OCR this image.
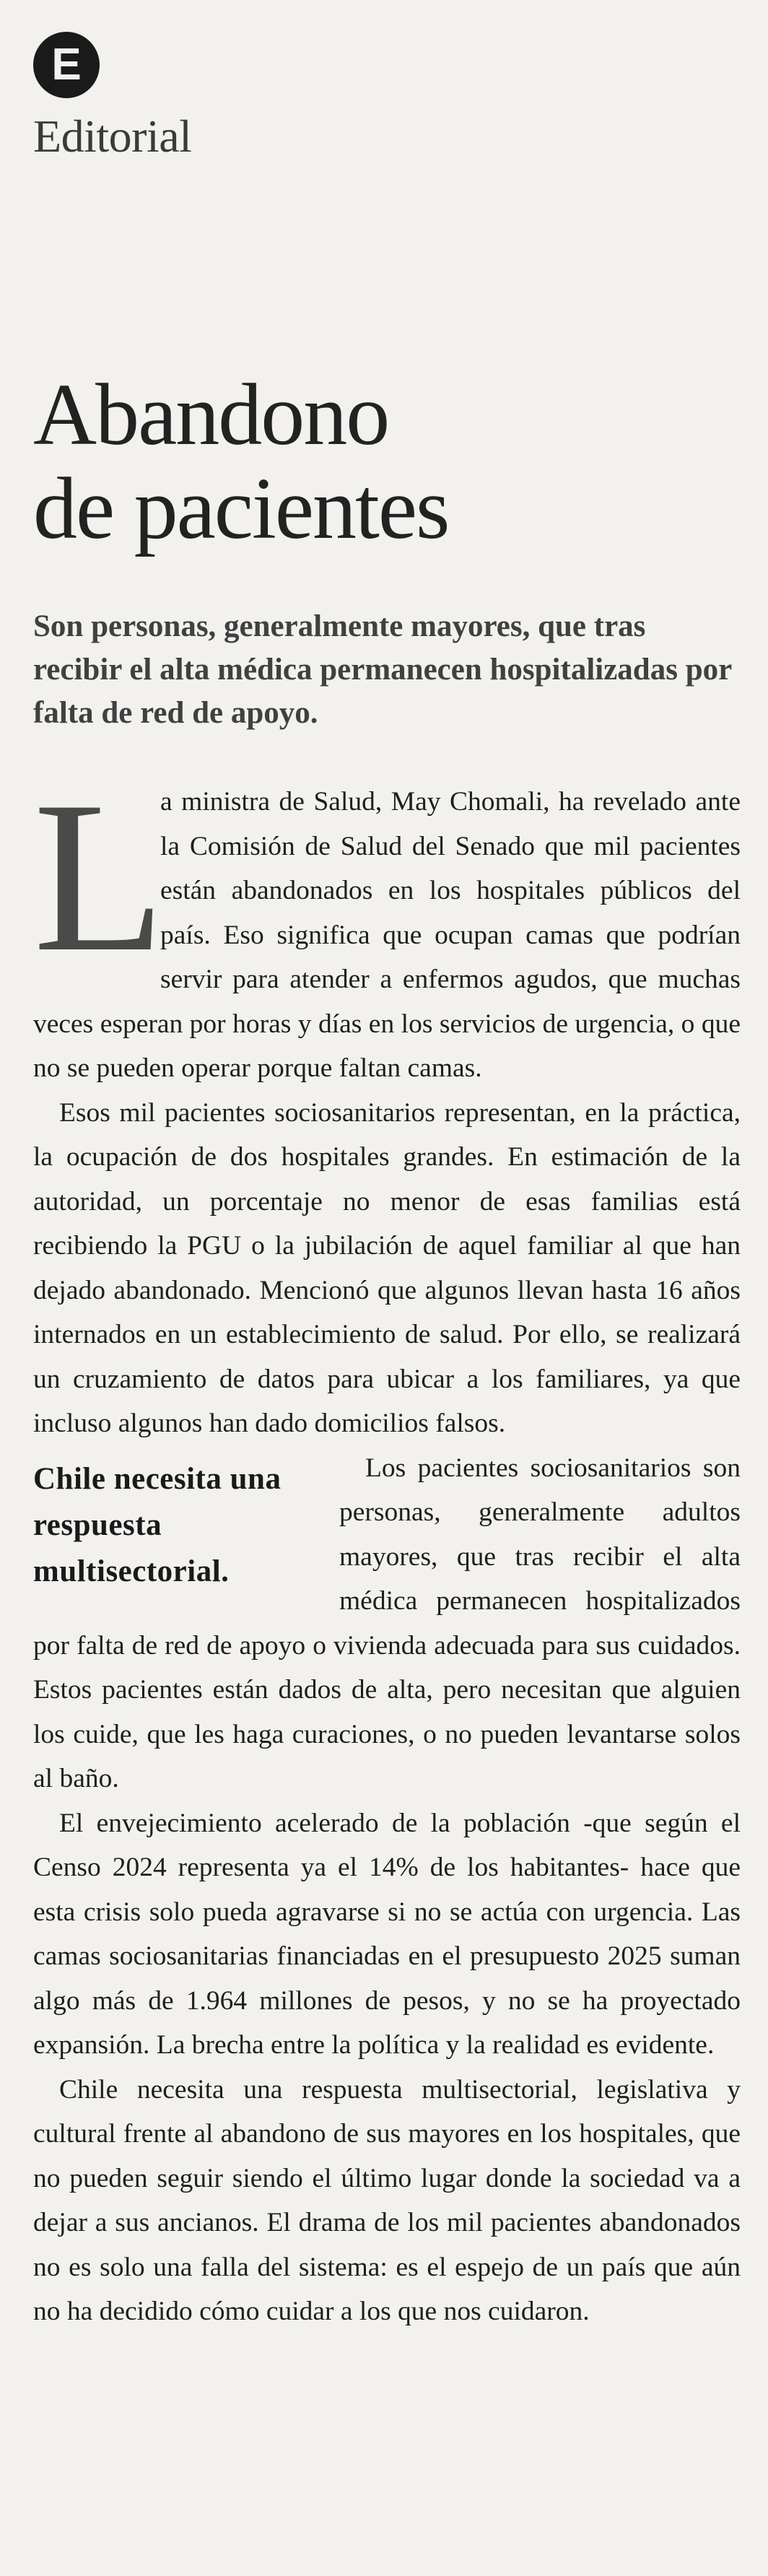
E
Editorial
Abandono
de pacientes
Son personas, generalmente mayores, que tras recibir el alta médica permanecen hospitalizadas por falta de red de apoyo.

L
a ministra de Salud, May Chomali, ha revelado ante la Comisión de Salud del Senado que mil pacientes están abandonados en los hospitales públicos del país. Eso significa que ocupan camas que podrían servir para atender a enfermos agudos, que muchas veces esperan por horas y días en los servicios de urgencia, o que no se pueden operar porque faltan camas.

Esos mil pacientes sociosanitarios representan, en la práctica, la ocupación de dos hospitales grandes. En estimación de la autoridad, un porcentaje no menor de esas familias está recibiendo la PGU o la jubilación de aquel familiar al que han dejado abandonado. Mencionó que algunos llevan hasta 16 años internados en un establecimiento de salud. Por ello, se realizará un cruzamiento de datos para ubicar a los familiares, ya que incluso algunos han dado domicilios falsos.

Chile necesita una respuesta multisectorial.
Los pacientes sociosanitarios son personas, generalmente adultos mayores, que tras recibir el alta médica permanecen hospitalizados por falta de red de apoyo o vivienda adecuada para sus cuidados. Estos pacientes están dados de alta, pero necesitan que alguien los cuide, que les haga curaciones, o no pueden levantarse solos al baño.

El envejecimiento acelerado de la población -que según el Censo 2024 representa ya el 14% de los habitantes- hace que esta crisis solo pueda agravarse si no se actúa con urgencia. Las camas sociosanitarias financiadas en el presupuesto 2025 suman algo más de 1.964 millones de pesos, y no se ha proyectado expansión. La brecha entre la política y la realidad es evidente.

Chile necesita una respuesta multisectorial, legislativa y cultural frente al abandono de sus mayores en los hospitales, que no pueden seguir siendo el último lugar donde la sociedad va a dejar a sus ancianos. El drama de los mil pacientes abandonados no es solo una falla del sistema: es el espejo de un país que aún no ha decidido cómo cuidar a los que nos cuidaron.
